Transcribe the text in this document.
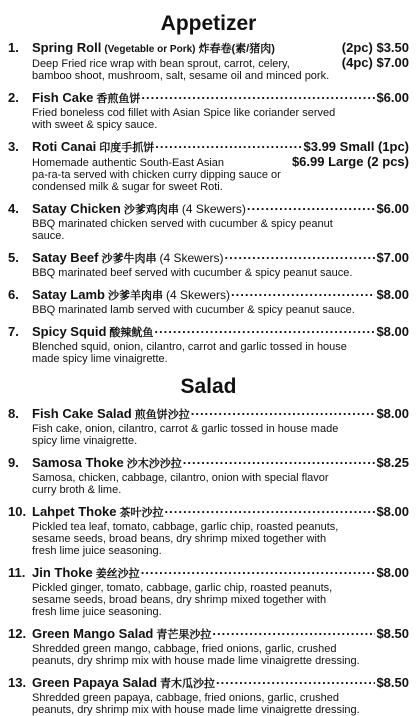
Appetizer
1.	Spring Roll (Vegetable or Pork) 炸春卷(素/猪肉)	(2pc) $3.50
Deep Fried rice wrap with bean sprout, carrot, celery,	(4pc) $7.00
bamboo shoot, mushroom, salt, sesame oil and minced pork.
2.	Fish Cake 香煎鱼饼 .....	$6.00
Fried boneless cod fillet with Asian Spice like coriander served
with sweet & spicy sauce.
3.	Roti Canai 印度手抓饼 .....	$3.99 Small (1pc)
Homemade authentic South-East Asian	$6.99 Large (2 pcs)
pa-ra-ta served with chicken curry dipping sauce or
condensed milk & sugar for sweet Roti.
4.	Satay Chicken 沙爹鸡肉串 (4 Skewers) .....	$6.00
BBQ marinated chicken served with cucumber & spicy peanut
sauce.
5.	Satay Beef 沙爹牛肉串 (4 Skewers) .....	$7.00
BBQ marinated beef served with cucumber & spicy peanut sauce.
6.	Satay Lamb 沙爹羊肉串 (4 Skewers) .....	$8.00
BBQ marinated lamb served with cucumber & spicy peanut sauce.
7.	Spicy Squid 酸辣鱿鱼 .....	$8.00
Blenched squid, onion, cilantro, carrot and garlic tossed in house
made spicy lime vinaigrette.
Salad
8.	Fish Cake Salad 煎鱼饼沙拉 .....	$8.00
Fish cake, onion, cilantro, carrot & garlic tossed in house made
spicy lime vinaigrette.
9.	Samosa Thoke 沙木沙沙拉 .....	$8.25
Samosa, chicken, cabbage, cilantro, onion with special flavor
curry broth & lime.
10. Lahpet Thoke 茶叶沙拉 .....	$8.00
Pickled tea leaf, tomato, cabbage, garlic chip, roasted peanuts,
sesame seeds, broad beans, dry shrimp mixed together with
fresh lime juice seasoning.
11. Jin Thoke 姜丝沙拉 .....	$8.00
Pickled ginger, tomato, cabbage, garlic chip, roasted peanuts,
sesame seeds, broad beans, dry shrimp mixed together with
fresh lime juice seasoning.
12. Green Mango Salad 青芒果沙拉 .....	$8.50
Shredded green mango, cabbage, fried onions, garlic, crushed
peanuts, dry shrimp mix with house made lime vinaigrette dressing.
13. Green Papaya Salad 青木瓜沙拉 .....	$8.50
Shredded green papaya, cabbage, fried onions, garlic, crushed
peanuts, dry shrimp mix with house made lime vinaigrette dressing.
